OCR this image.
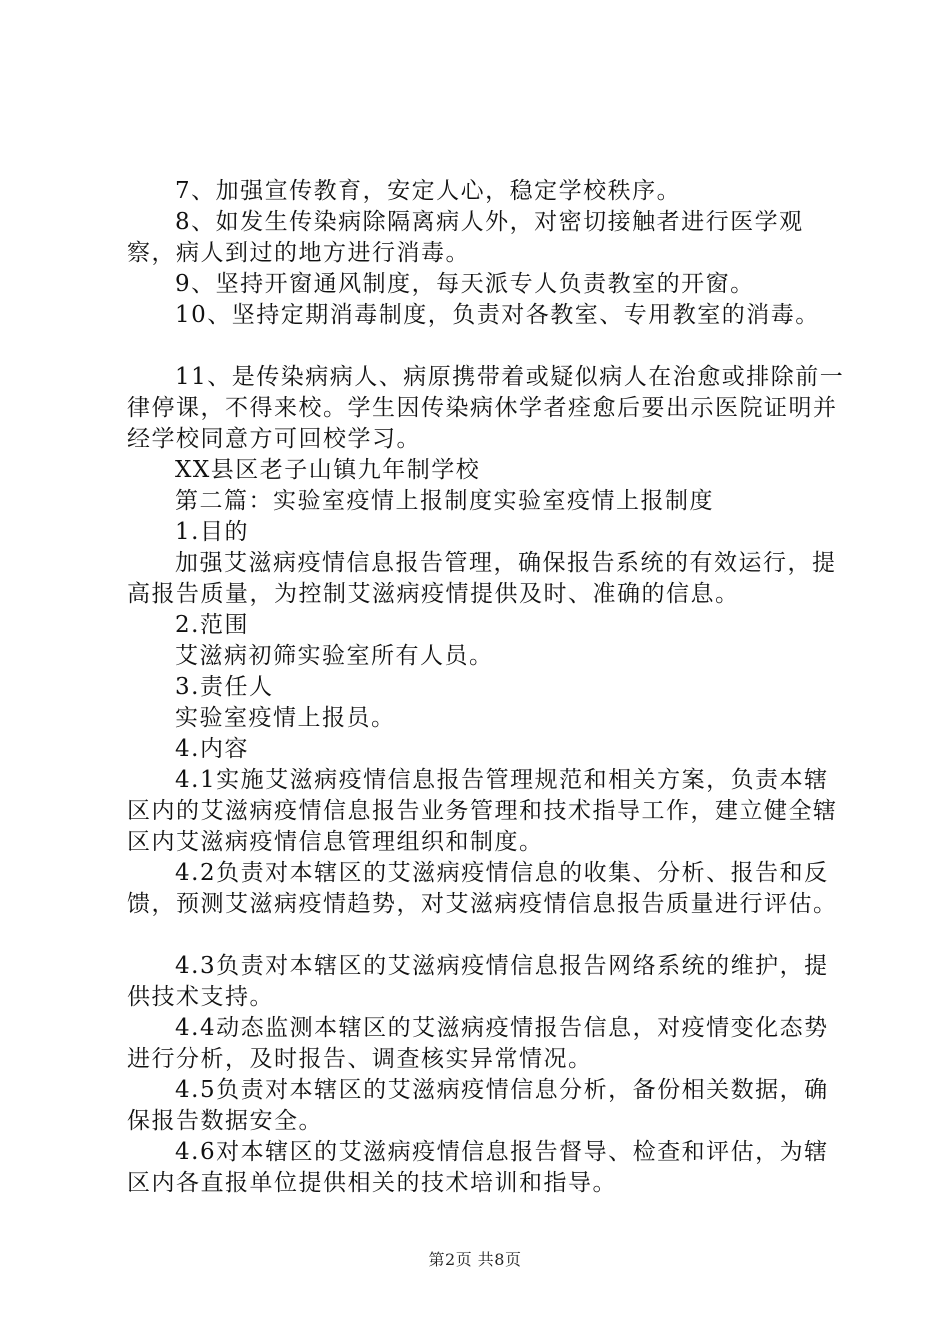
7、加强宣传教育，安定人心，稳定学校秩序。

8、如发生传染病除隔离病人外，对密切接触者进行医学观察，病人到过的地方进行消毒。

9、坚持开窗通风制度，每天派专人负责教室的开窗。

10、坚持定期消毒制度，负责对各教室、专用教室的消毒。

11、是传染病病人、病原携带着或疑似病人在治愈或排除前一律停课，不得来校。学生因传染病休学者痊愈后要出示医院证明并经学校同意方可回校学习。

XX县区老子山镇九年制学校

第二篇：实验室疫情上报制度实验室疫情上报制度

1.目的

加强艾滋病疫情信息报告管理，确保报告系统的有效运行，提高报告质量，为控制艾滋病疫情提供及时、准确的信息。

2.范围

艾滋病初筛实验室所有人员。

3.责任人

实验室疫情上报员。

4.内容

4.1实施艾滋病疫情信息报告管理规范和相关方案，负责本辖区内的艾滋病疫情信息报告业务管理和技术指导工作，建立健全辖区内艾滋病疫情信息管理组织和制度。

4.2负责对本辖区的艾滋病疫情信息的收集、分析、报告和反馈，预测艾滋病疫情趋势，对艾滋病疫情信息报告质量进行评估。

4.3负责对本辖区的艾滋病疫情信息报告网络系统的维护，提供技术支持。

4.4动态监测本辖区的艾滋病疫情报告信息，对疫情变化态势进行分析，及时报告、调查核实异常情况。

4.5负责对本辖区的艾滋病疫情信息分析，备份相关数据，确保报告数据安全。

4.6对本辖区的艾滋病疫情信息报告督导、检查和评估，为辖区内各直报单位提供相关的技术培训和指导。

第2页 共8页
